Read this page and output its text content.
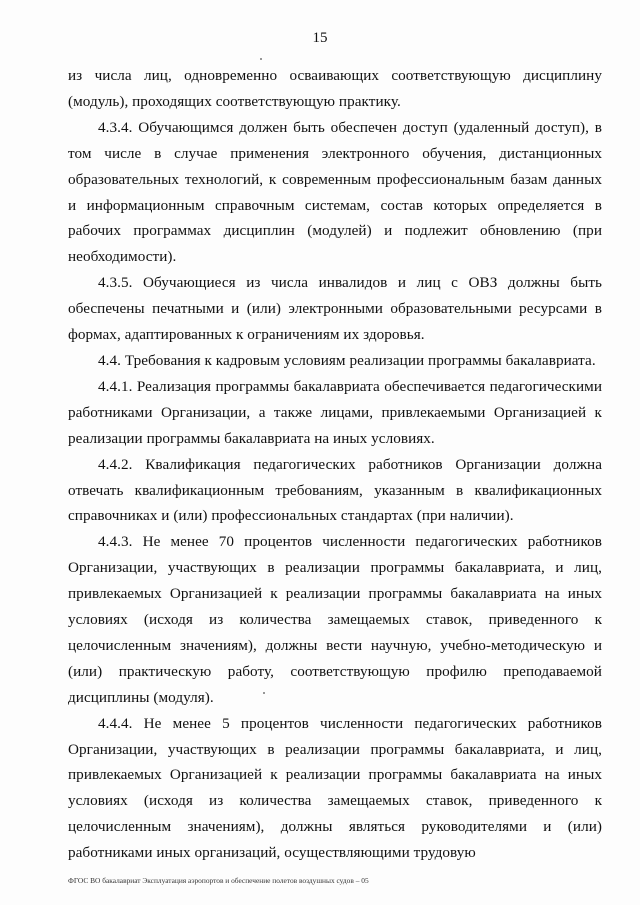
15

из числа лиц, одновременно осваивающих соответствующую дисциплину (модуль), проходящих соответствующую практику.

4.3.4. Обучающимся должен быть обеспечен доступ (удаленный доступ), в том числе в случае применения электронного обучения, дистанционных образовательных технологий, к современным профессиональным базам данных и информационным справочным системам, состав которых определяется в рабочих программах дисциплин (модулей) и подлежит обновлению (при необходимости).

4.3.5. Обучающиеся из числа инвалидов и лиц с ОВЗ должны быть обеспечены печатными и (или) электронными образовательными ресурсами в формах, адаптированных к ограничениям их здоровья.

4.4. Требования к кадровым условиям реализации программы бакалавриата.

4.4.1. Реализация программы бакалавриата обеспечивается педагогическими работниками Организации, а также лицами, привлекаемыми Организацией к реализации программы бакалавриата на иных условиях.

4.4.2. Квалификация педагогических работников Организации должна отвечать квалификационным требованиям, указанным в квалификационных справочниках и (или) профессиональных стандартах (при наличии).

4.4.3. Не менее 70 процентов численности педагогических работников Организации, участвующих в реализации программы бакалавриата, и лиц, привлекаемых Организацией к реализации программы бакалавриата на иных условиях (исходя из количества замещаемых ставок, приведенного к целочисленным значениям), должны вести научную, учебно-методическую и (или) практическую работу, соответствующую профилю преподаваемой дисциплины (модуля).

4.4.4. Не менее 5 процентов численности педагогических работников Организации, участвующих в реализации программы бакалавриата, и лиц, привлекаемых Организацией к реализации программы бакалавриата на иных условиях (исходя из количества замещаемых ставок, приведенного к целочисленным значениям), должны являться руководителями и (или) работниками иных организаций, осуществляющими трудовую

ФГОС ВО бакалавриат Эксплуатация аэропортов и обеспечение полетов воздушных судов – 05
